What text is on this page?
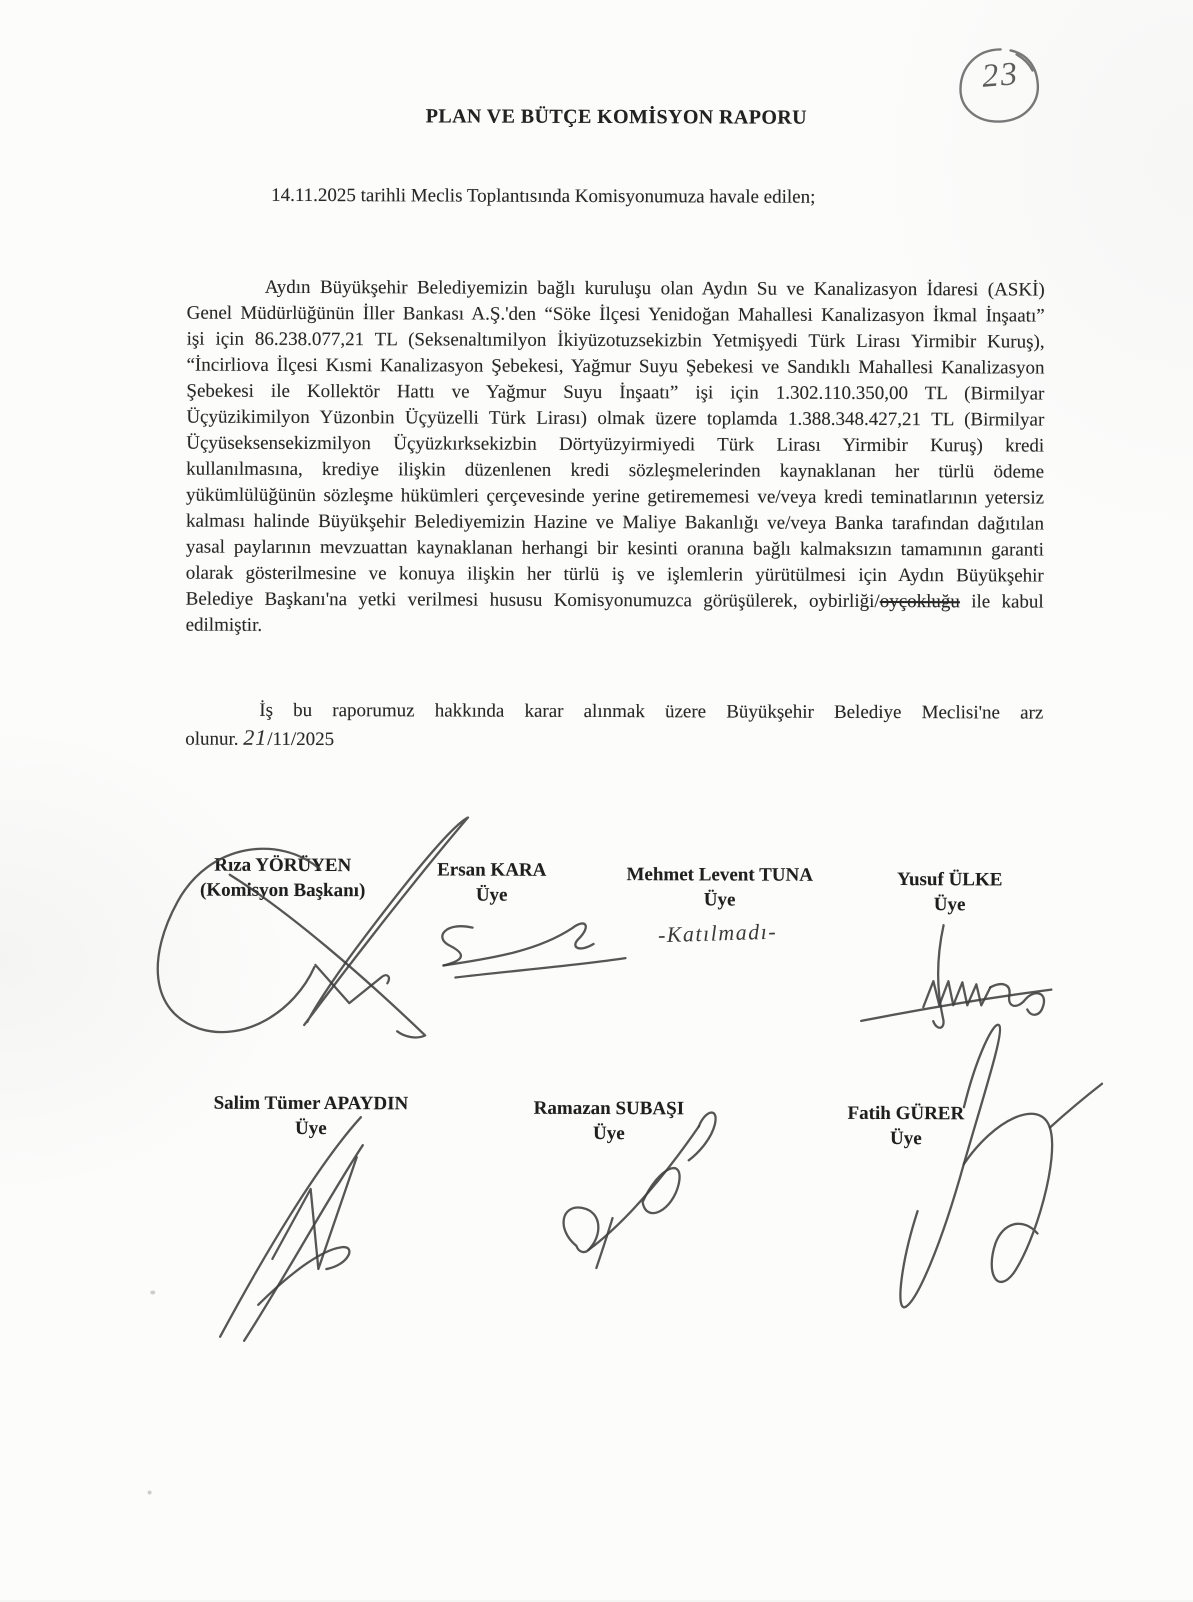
23
PLAN VE BÜTÇE KOMİSYON RAPORU
14.11.2025 tarihli Meclis Toplantısında Komisyonumuza havale edilen;
Aydın Büyükşehir Belediyemizin bağlı kuruluşu olan Aydın Su ve Kanalizasyon İdaresi (ASKİ) Genel Müdürlüğünün İller Bankası A.Ş.'den “Söke İlçesi Yenidoğan Mahallesi Kanalizasyon İkmal İnşaatı” işi için 86.238.077,21 TL (Seksenaltımilyon İkiyüzotuzsekizbin Yetmişyedi Türk Lirası Yirmibir Kuruş), “İncirliova İlçesi Kısmi Kanalizasyon Şebekesi, Yağmur Suyu Şebekesi ve Sandıklı Mahallesi Kanalizasyon Şebekesi ile Kollektör Hattı ve Yağmur Suyu İnşaatı” işi için 1.302.110.350,00 TL (Birmilyar Üçyüzikimilyon Yüzonbin Üçyüzelli Türk Lirası) olmak üzere toplamda 1.388.348.427,21 TL (Birmilyar Üçyüseksensekizmilyon Üçyüzkırksekizbin Dörtyüzyirmiyedi Türk Lirası Yirmibir Kuruş) kredi kullanılmasına, krediye ilişkin düzenlenen kredi sözleşmelerinden kaynaklanan her türlü ödeme yükümlülüğünün sözleşme hükümleri çerçevesinde yerine getirememesi ve/veya kredi teminatlarının yetersiz kalması halinde Büyükşehir Belediyemizin Hazine ve Maliye Bakanlığı ve/veya Banka tarafından dağıtılan yasal paylarının mevzuattan kaynaklanan herhangi bir kesinti oranına bağlı kalmaksızın tamamının garanti olarak gösterilmesine ve konuya ilişkin her türlü iş ve işlemlerin yürütülmesi için Aydın Büyükşehir Belediye Başkanı'na yetki verilmesi hususu Komisyonumuzca görüşülerek, oybirliği/oyçokluğu ile kabul edilmiştir.
İş bu raporumuz hakkında karar alınmak üzere Büyükşehir Belediye Meclisi'ne arz
olunur. 21/11/2025
Rıza YÖRÜYEN
(Komisyon Başkanı)
Ersan KARA
Üye
Mehmet Levent TUNA
Üye
Yusuf ÜLKE
Üye
-Katılmadı-
Salim Tümer APAYDIN
Üye
Ramazan SUBAŞI
Üye
Fatih GÜRER
Üye
